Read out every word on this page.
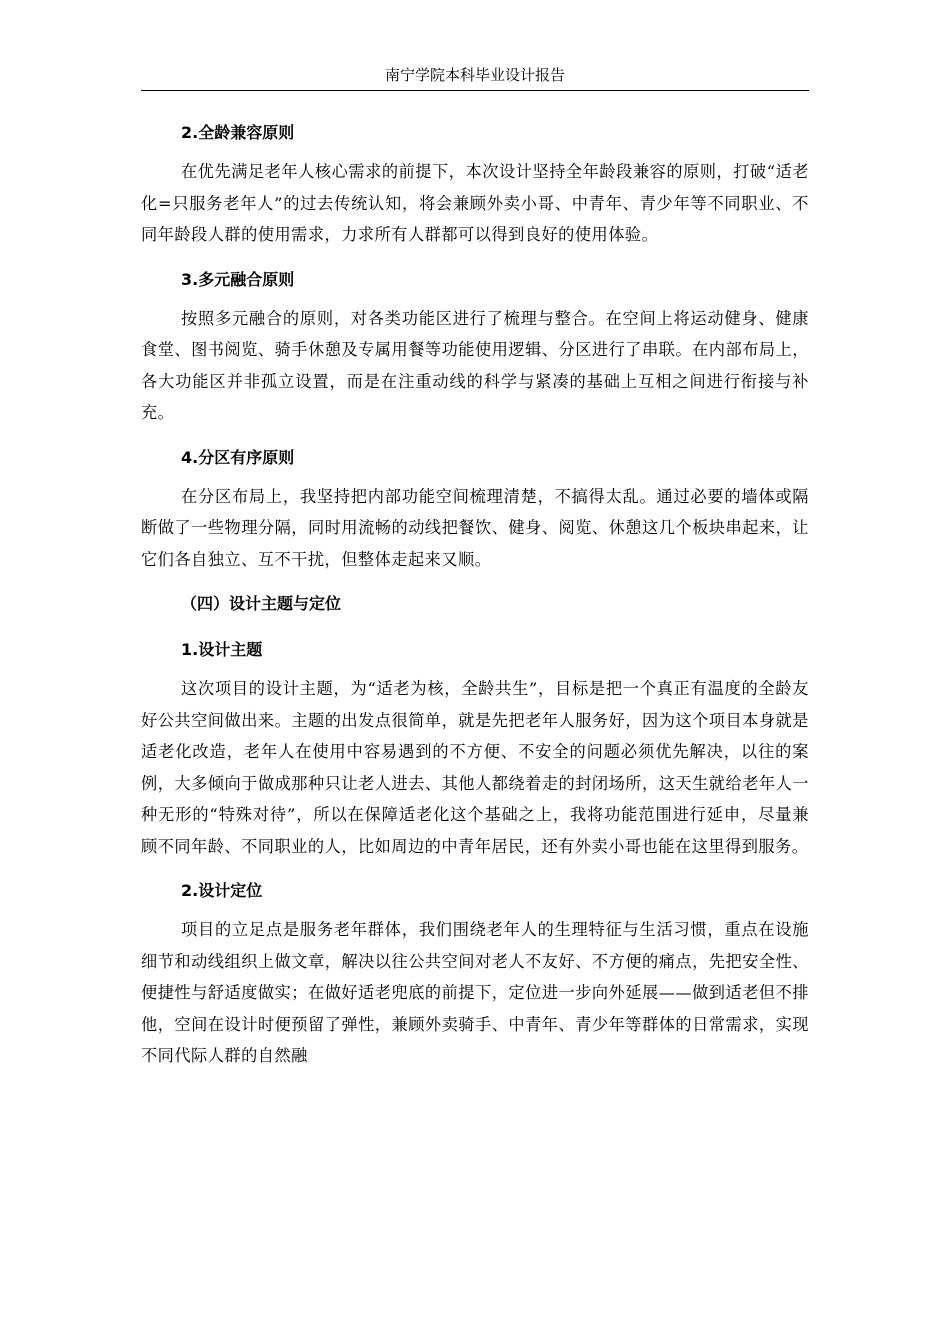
南宁学院本科毕业设计报告
2.全龄兼容原则

在优先满足老年人核心需求的前提下，本次设计坚持全年龄段兼容的原则，打破“适老化=只服务老年人”的过去传统认知，将会兼顾外卖小哥、中青年、青少年等不同职业、不同年龄段人群的使用需求，力求所有人群都可以得到良好的使用体验。

3.多元融合原则

按照多元融合的原则，对各类功能区进行了梳理与整合。在空间上将运动健身、健康食堂、图书阅览、骑手休憩及专属用餐等功能使用逻辑、分区进行了串联。在内部布局上，各大功能区并非孤立设置，而是在注重动线的科学与紧凑的基础上互相之间进行衔接与补充。

4.分区有序原则

在分区布局上，我坚持把内部功能空间梳理清楚，不搞得太乱。通过必要的墙体或隔断做了一些物理分隔，同时用流畅的动线把餐饮、健身、阅览、休憩这几个板块串起来，让它们各自独立、互不干扰，但整体走起来又顺。

（四）设计主题与定位
1.设计主题

这次项目的设计主题，为“适老为核，全龄共生”，目标是把一个真正有温度的全龄友好公共空间做出来。主题的出发点很简单，就是先把老年人服务好，因为这个项目本身就是适老化改造，老年人在使用中容易遇到的不方便、不安全的问题必须优先解决，以往的案例，大多倾向于做成那种只让老人进去、其他人都绕着走的封闭场所，这天生就给老年人一种无形的“特殊对待”，所以在保障适老化这个基础之上，我将功能范围进行延申，尽量兼顾不同年龄、不同职业的人，比如周边的中青年居民，还有外卖小哥也能在这里得到服务。

2.设计定位

项目的立足点是服务老年群体，我们围绕老年人的生理特征与生活习惯，重点在设施细节和动线组织上做文章，解决以往公共空间对老人不友好、不方便的痛点，先把安全性、便捷性与舒适度做实；在做好适老兜底的前提下，定位进一步向外延展——做到适老但不排他，空间在设计时便预留了弹性，兼顾外卖骑手、中青年、青少年等群体的日常需求，实现不同代际人群的自然融
